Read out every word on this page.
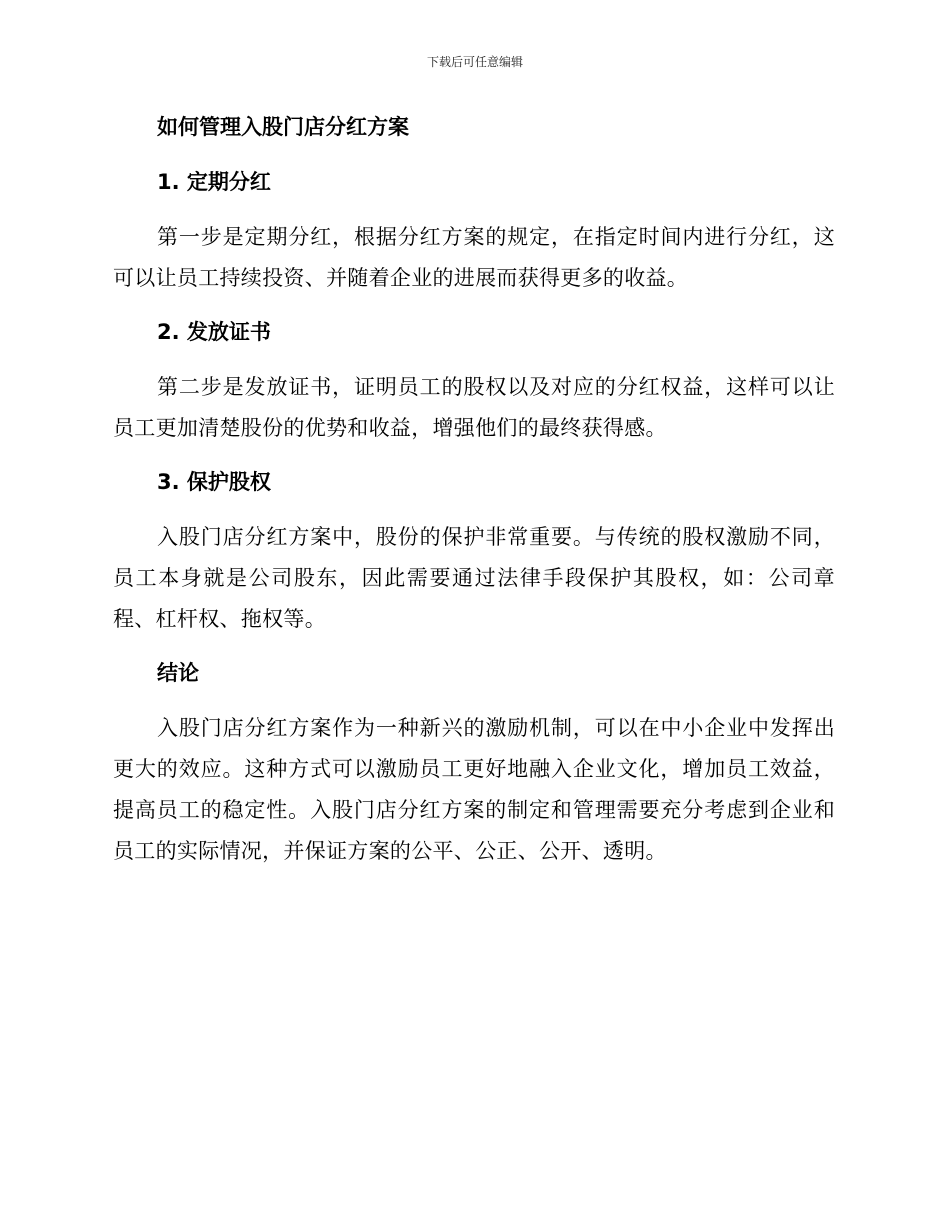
下载后可任意编辑
如何管理入股门店分红方案
1. 定期分红

第一步是定期分红，根据分红方案的规定，在指定时间内进行分红，这可以让员工持续投资、并随着企业的进展而获得更多的收益。

2. 发放证书

第二步是发放证书，证明员工的股权以及对应的分红权益，这样可以让员工更加清楚股份的优势和收益，增强他们的最终获得感。

3. 保护股权

入股门店分红方案中，股份的保护非常重要。与传统的股权激励不同，员工本身就是公司股东，因此需要通过法律手段保护其股权，如：公司章程、杠杆权、拖权等。

结论

入股门店分红方案作为一种新兴的激励机制，可以在中小企业中发挥出更大的效应。这种方式可以激励员工更好地融入企业文化，增加员工效益，提高员工的稳定性。入股门店分红方案的制定和管理需要充分考虑到企业和员工的实际情况，并保证方案的公平、公正、公开、透明。
